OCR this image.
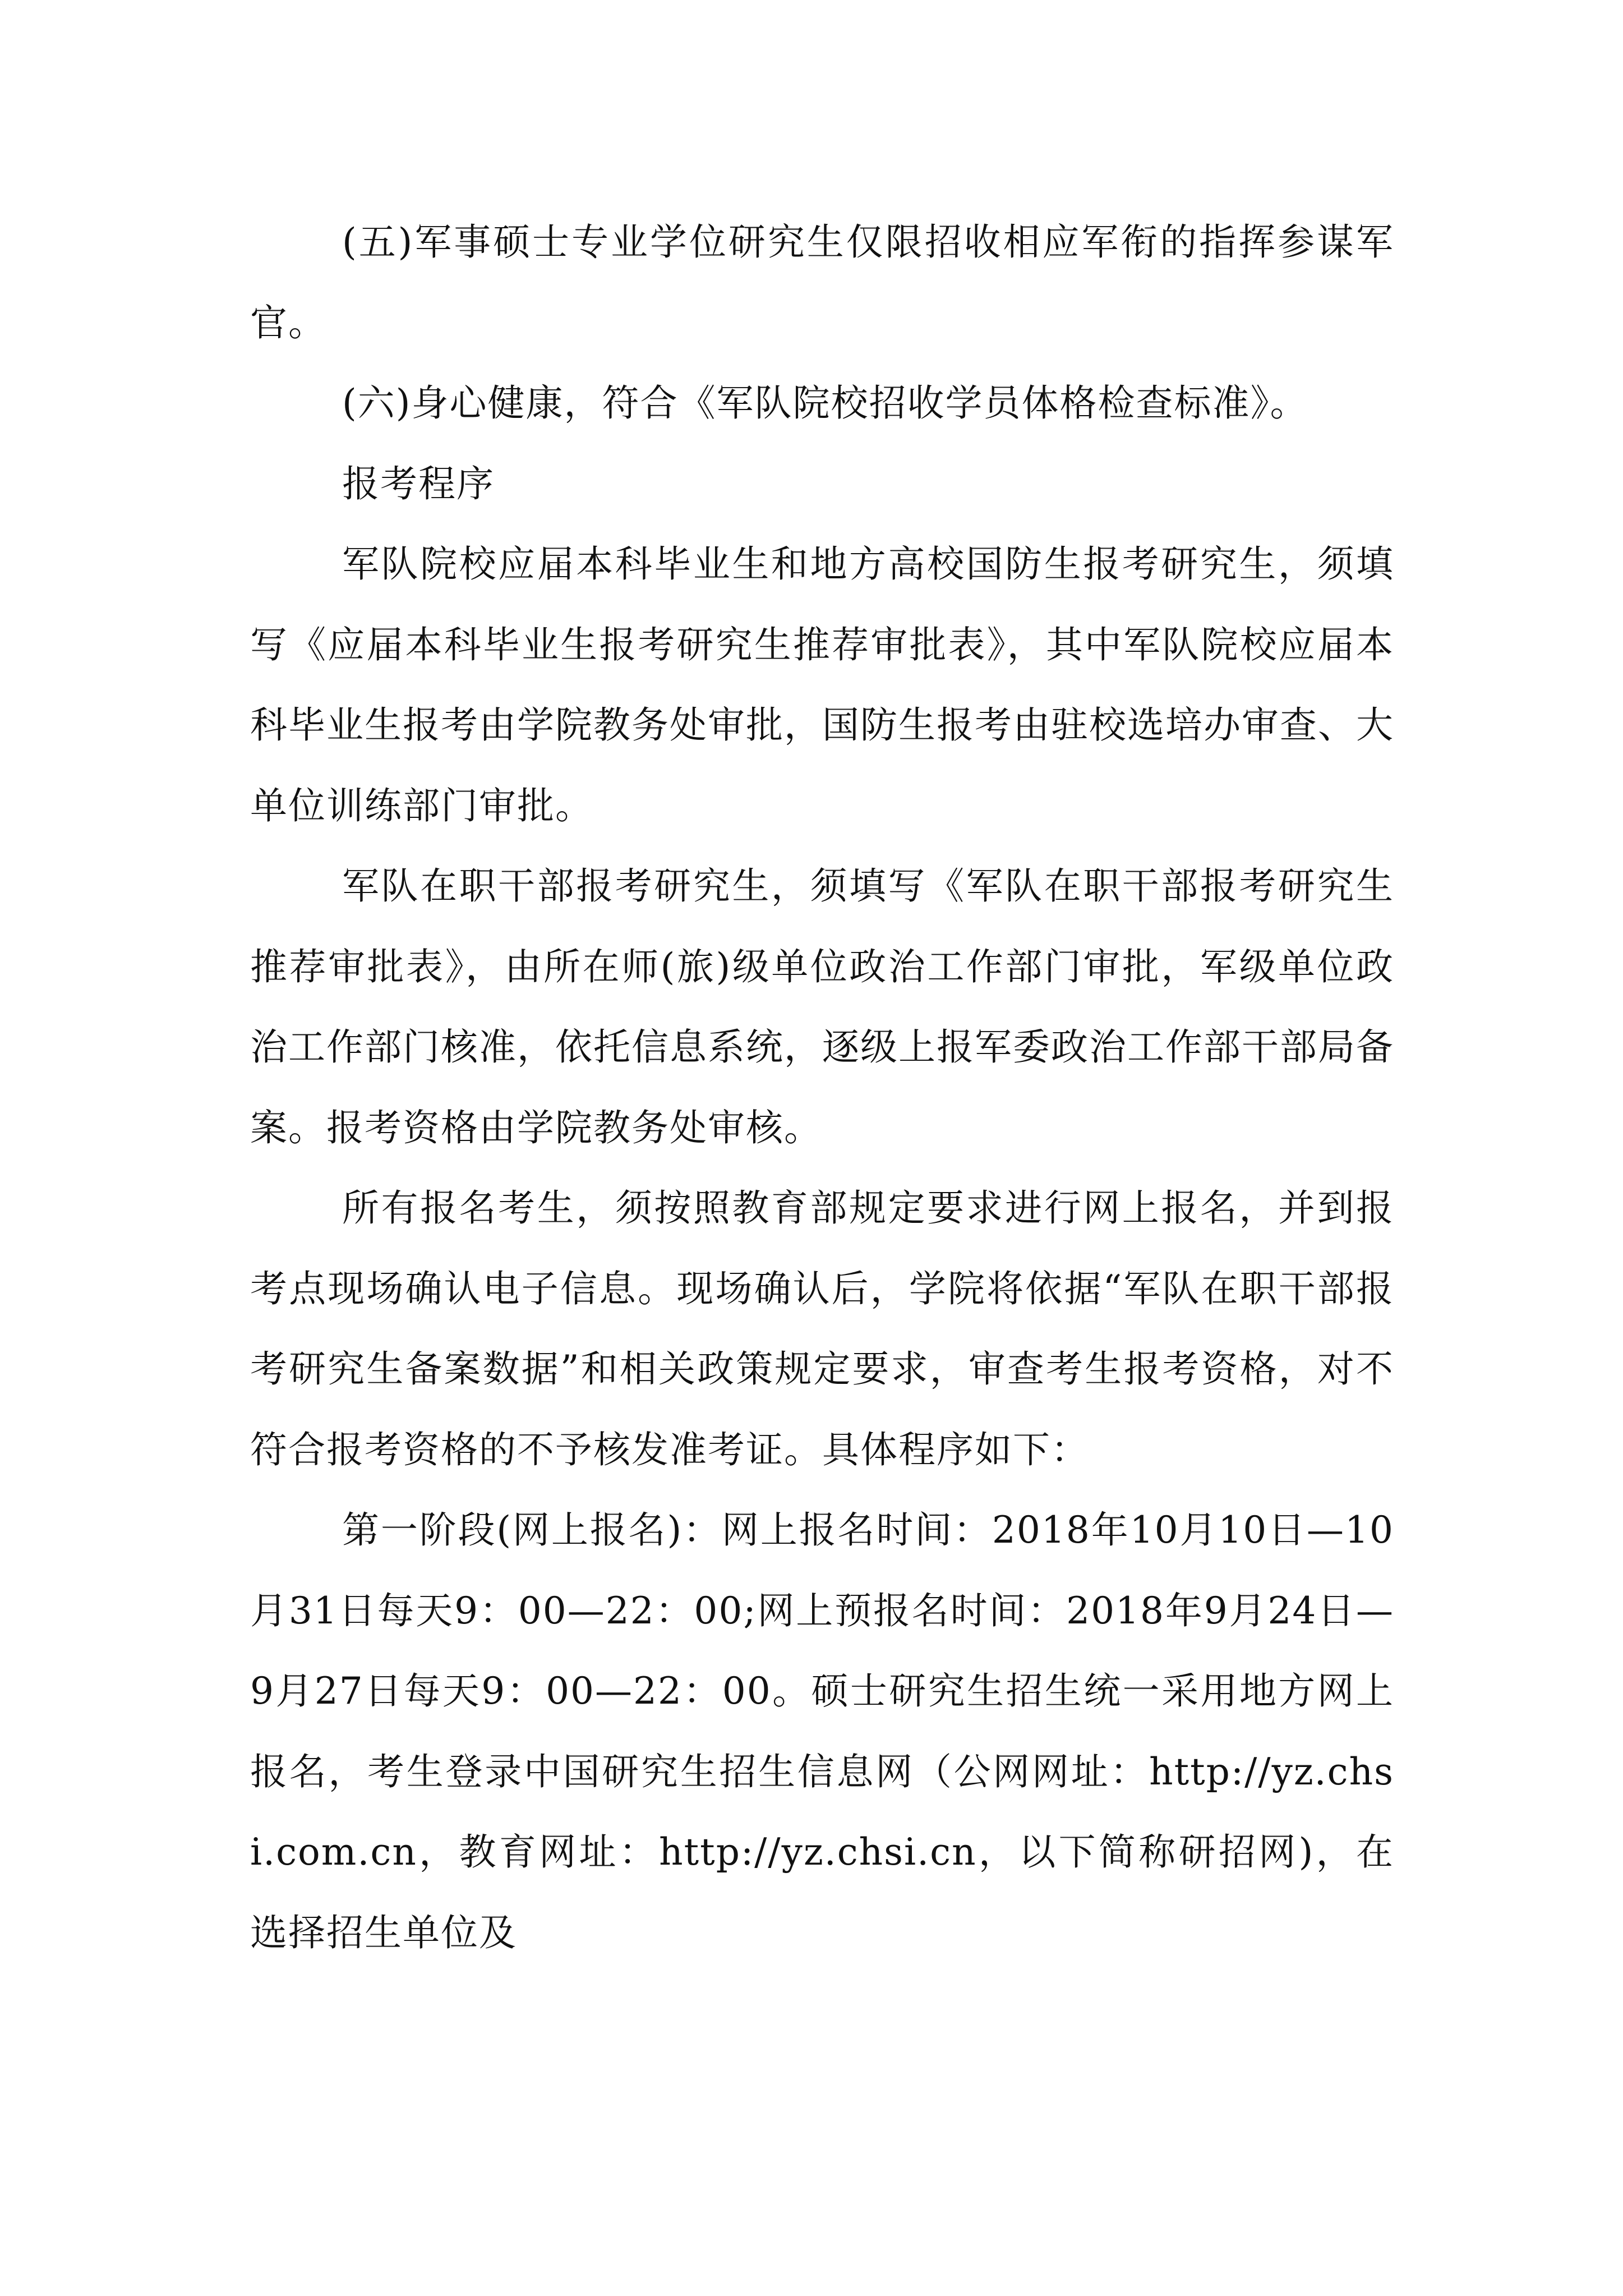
(五)军事硕士专业学位研究生仅限招收相应军衔的指挥参谋军官。

(六)身心健康，符合《军队院校招收学员体格检查标准》。

报考程序

军队院校应届本科毕业生和地方高校国防生报考研究生，须填写《应届本科毕业生报考研究生推荐审批表》，其中军队院校应届本科毕业生报考由学院教务处审批，国防生报考由驻校选培办审查、大单位训练部门审批。

军队在职干部报考研究生，须填写《军队在职干部报考研究生推荐审批表》，由所在师(旅)级单位政治工作部门审批，军级单位政治工作部门核准，依托信息系统，逐级上报军委政治工作部干部局备案。报考资格由学院教务处审核。

所有报名考生，须按照教育部规定要求进行网上报名，并到报考点现场确认电子信息。现场确认后，学院将依据“军队在职干部报考研究生备案数据”和相关政策规定要求，审查考生报考资格，对不符合报考资格的不予核发准考证。具体程序如下：

第一阶段(网上报名)：网上报名时间：2018年10月10日—10月31日每天9：00—22：00;网上预报名时间：2018年9月24日—9月27日每天9：00—22：00。硕士研究生招生统一采用地方网上报名，考生登录中国研究生招生信息网（公网网址：http://yz.chsi.com.cn，教育网址：http://yz.chsi.cn，以下简称研招网)，在选择招生单位及
